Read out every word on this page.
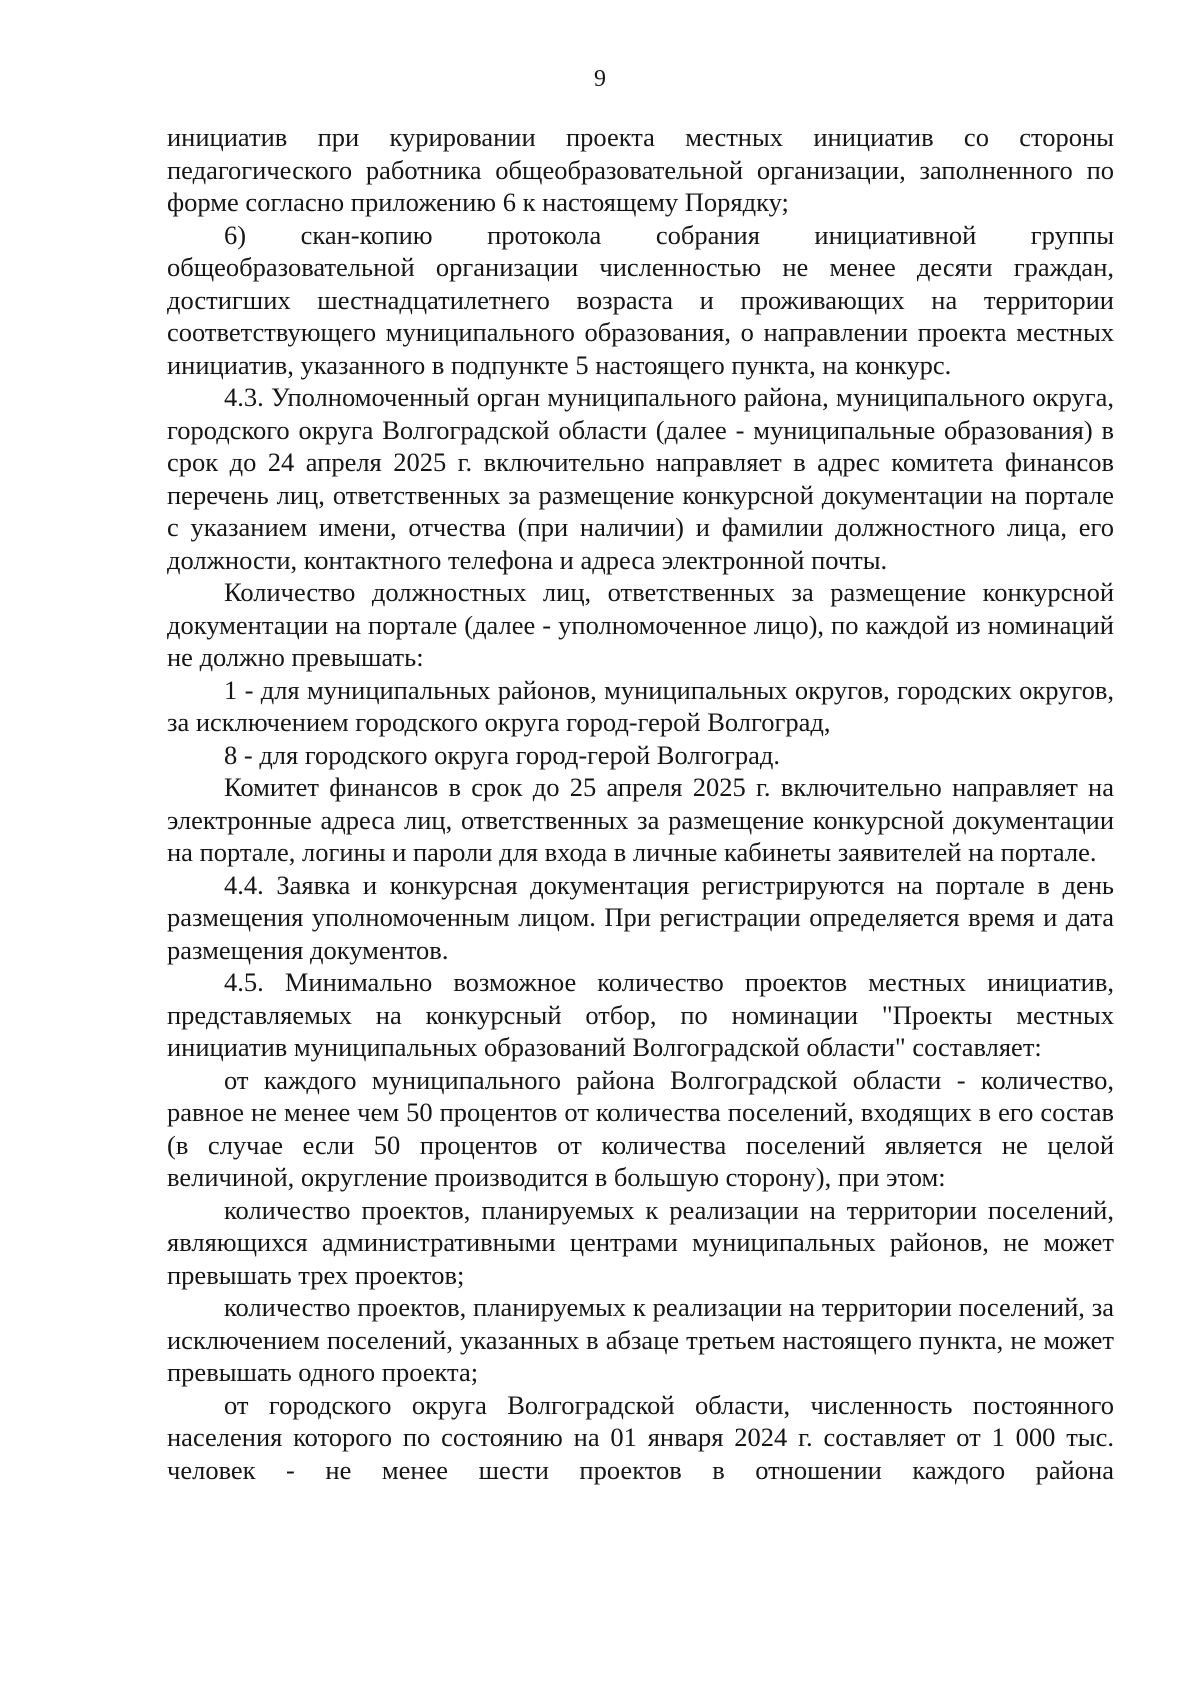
9

инициатив при курировании проекта местных инициатив со стороны педагогического работника общеобразовательной организации, заполненного по форме согласно приложению 6 к настоящему Порядку;

6) скан-копию протокола собрания инициативной группы общеобразовательной организации численностью не менее десяти граждан, достигших шестнадцатилетнего возраста и проживающих на территории соответствующего муниципального образования, о направлении проекта местных инициатив, указанного в подпункте 5 настоящего пункта, на конкурс.

4.3. Уполномоченный орган муниципального района, муниципального округа, городского округа Волгоградской области (далее - муниципальные образования) в срок до 24 апреля 2025 г. включительно направляет в адрес комитета финансов перечень лиц, ответственных за размещение конкурсной документации на портале с указанием имени, отчества (при наличии) и фамилии должностного лица, его должности, контактного телефона и адреса электронной почты.

Количество должностных лиц, ответственных за размещение конкурсной документации на портале (далее - уполномоченное лицо), по каждой из номинаций не должно превышать:

1 - для муниципальных районов, муниципальных округов, городских округов, за исключением городского округа город-герой Волгоград,

8 - для городского округа город-герой Волгоград.

Комитет финансов в срок до 25 апреля 2025 г. включительно направляет на электронные адреса лиц, ответственных за размещение конкурсной документации на портале, логины и пароли для входа в личные кабинеты заявителей на портале.

4.4. Заявка и конкурсная документация регистрируются на портале в день размещения уполномоченным лицом. При регистрации определяется время и дата размещения документов.

4.5. Минимально возможное количество проектов местных инициатив, представляемых на конкурсный отбор, по номинации "Проекты местных инициатив муниципальных образований Волгоградской области" составляет:

от каждого муниципального района Волгоградской области - количество, равное не менее чем 50 процентов от количества поселений, входящих в его состав (в случае если 50 процентов от количества поселений является не целой величиной, округление производится в большую сторону), при этом:

количество проектов, планируемых к реализации на территории поселений, являющихся административными центрами муниципальных районов, не может превышать трех проектов;

количество проектов, планируемых к реализации на территории поселений, за исключением поселений, указанных в абзаце третьем настоящего пункта, не может превышать одного проекта;

от городского округа Волгоградской области, численность постоянного населения которого по состоянию на 01 января 2024 г. составляет от 1 000 тыс. человек - не менее шести проектов в отношении каждого района
